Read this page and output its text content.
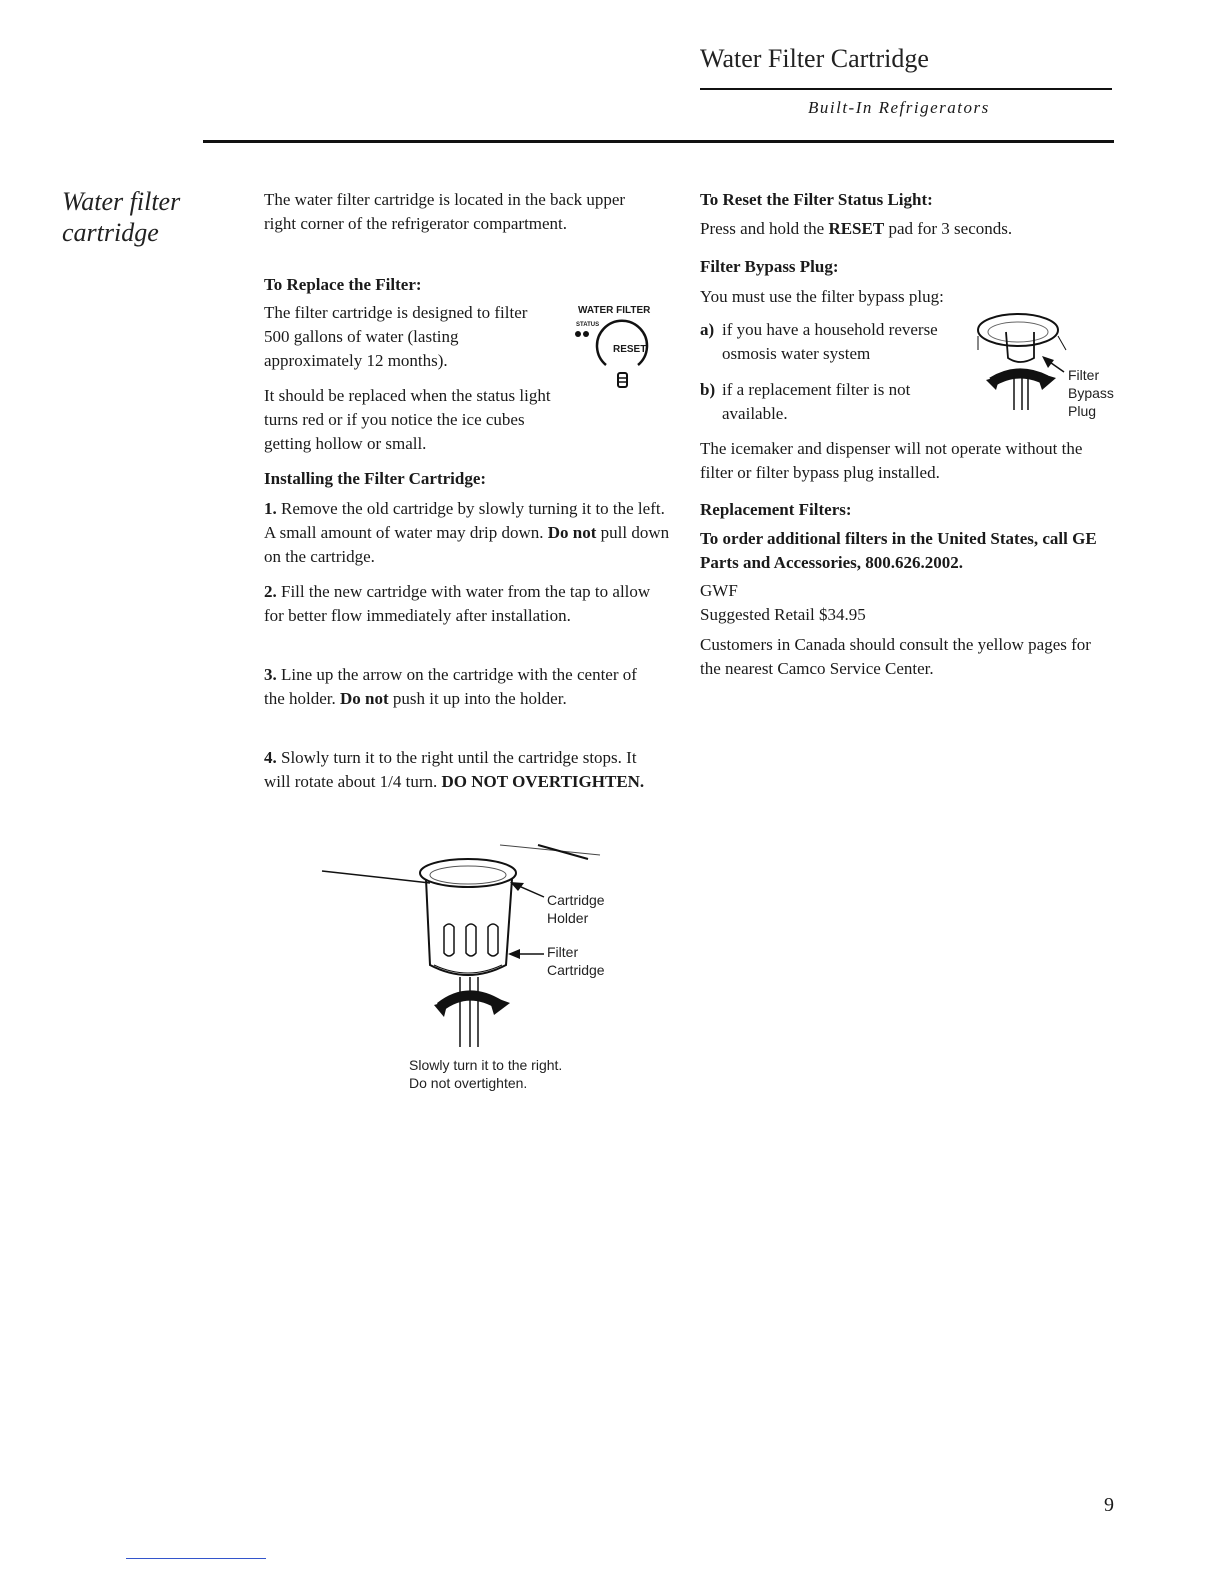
Water Filter Cartridge
Built-In Refrigerators
Water filter cartridge
The water filter cartridge is located in the back upper right corner of the refrigerator compartment.
To Replace the Filter:
The filter cartridge is designed to filter 500 gallons of water (lasting approximately 12 months).
It should be replaced when the status light turns red or if you notice the ice cubes getting hollow or small.
WATER FILTER
STATUS
RESET
Installing the Filter Cartridge:
1. Remove the old cartridge by slowly turning it to the left. A small amount of water may drip down. Do not pull down on the cartridge.
2. Fill the new cartridge with water from the tap to allow for better flow immediately after installation.
3. Line up the arrow on the cartridge with the center of the holder. Do not push it up into the holder.
4. Slowly turn it to the right until the cartridge stops. It will rotate about 1/4 turn. DO NOT OVERTIGHTEN.
Cartridge
Holder
Filter
Cartridge
Slowly turn it to the right.
Do not overtighten.
To Reset the Filter Status Light:
Press and hold the RESET pad for 3 seconds.
Filter Bypass Plug:
You must use the filter bypass plug:
a) if you have a household reverse osmosis water system
b) if a replacement filter is not available.
Filter
Bypass
Plug
The icemaker and dispenser will not operate without the filter or filter bypass plug installed.
Replacement Filters:
To order additional filters in the United States, call GE Parts and Accessories, 800.626.2002.
GWF
Suggested Retail $34.95
Customers in Canada should consult the yellow pages for the nearest Camco Service Center.
9
